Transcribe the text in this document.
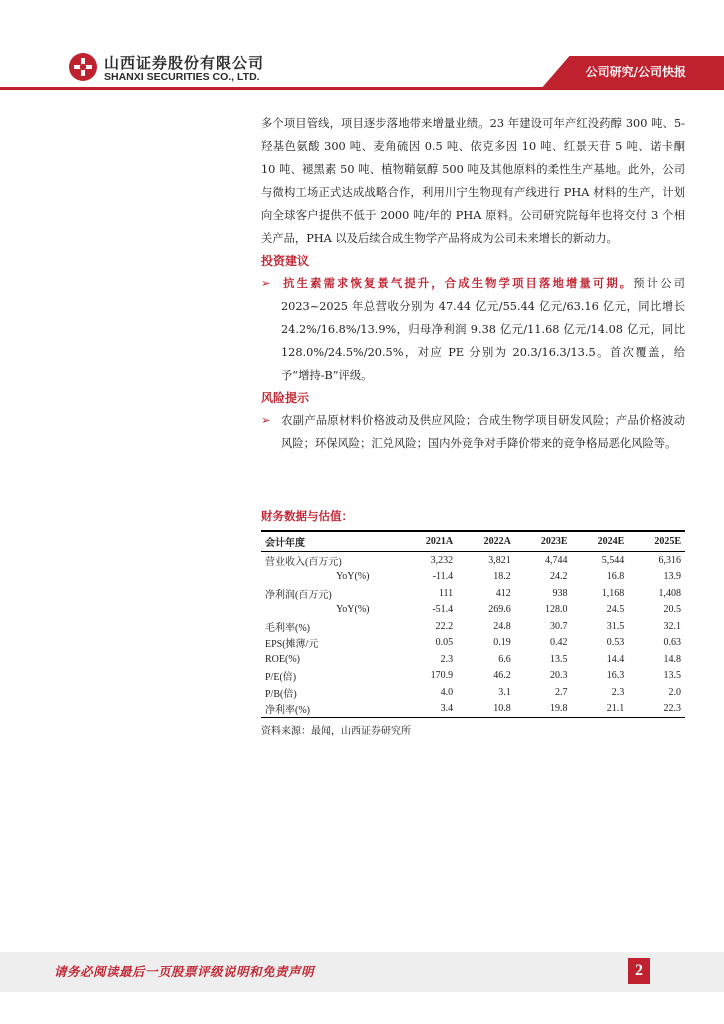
山西证券股份有限公司
SHANXI SECURITIES CO., LTD.	公司研究/公司快报

多个项目管线，项目逐步落地带来增量业绩。23 年建设可年产红没药醇 300 吨、5-羟基色氨酸 300 吨、麦角硫因 0.5 吨、依克多因 10 吨、红景天苷 5 吨、诺卡酮 10 吨、褪黑素 50 吨、植物鞘氨醇 500 吨及其他原料的柔性生产基地。此外，公司与微构工场正式达成战略合作，利用川宁生物现有产线进行 PHA 材料的生产，计划向全球客户提供不低于 2000 吨/年的 PHA 原料。公司研究院每年也将交付 3 个相关产品，PHA 以及后续合成生物学产品将成为公司未来增长的新动力。

投资建议

➢ 抗生素需求恢复景气提升，合成生物学项目落地增量可期。预计公司 2023~2025 年总营收分别为 47.44 亿元/55.44 亿元/63.16 亿元，同比增长 24.2%/16.8%/13.9%，归母净利润 9.38 亿元/11.68 亿元/14.08 亿元，同比 128.0%/24.5%/20.5%，对应 PE 分别为 20.3/16.3/13.5。首次覆盖，给予“增持-B”评级。

风险提示

➢ 农副产品原材料价格波动及供应风险；合成生物学项目研发风险；产品价格波动风险；环保风险；汇兑风险；国内外竞争对手降价带来的竞争格局恶化风险等。

财务数据与估值：
会计年度	2021A	2022A	2023E	2024E	2025E
营业收入(百万元)	3,232	3,821	4,744	5,544	6,316
YoY(%)	-11.4	18.2	24.2	16.8	13.9
净利润(百万元)	111	412	938	1,168	1,408
YoY(%)	-51.4	269.6	128.0	24.5	20.5
毛利率(%)	22.2	24.8	30.7	31.5	32.1
EPS(摊薄/元	0.05	0.19	0.42	0.53	0.63
ROE(%)	2.3	6.6	13.5	14.4	14.8
P/E(倍)	170.9	46.2	20.3	16.3	13.5
P/B(倍)	4.0	3.1	2.7	2.3	2.0
净利率(%)	3.4	10.8	19.8	21.1	22.3
资料来源：最闻，山西证券研究所
请务必阅读最后一页股票评级说明和免责声明	2
